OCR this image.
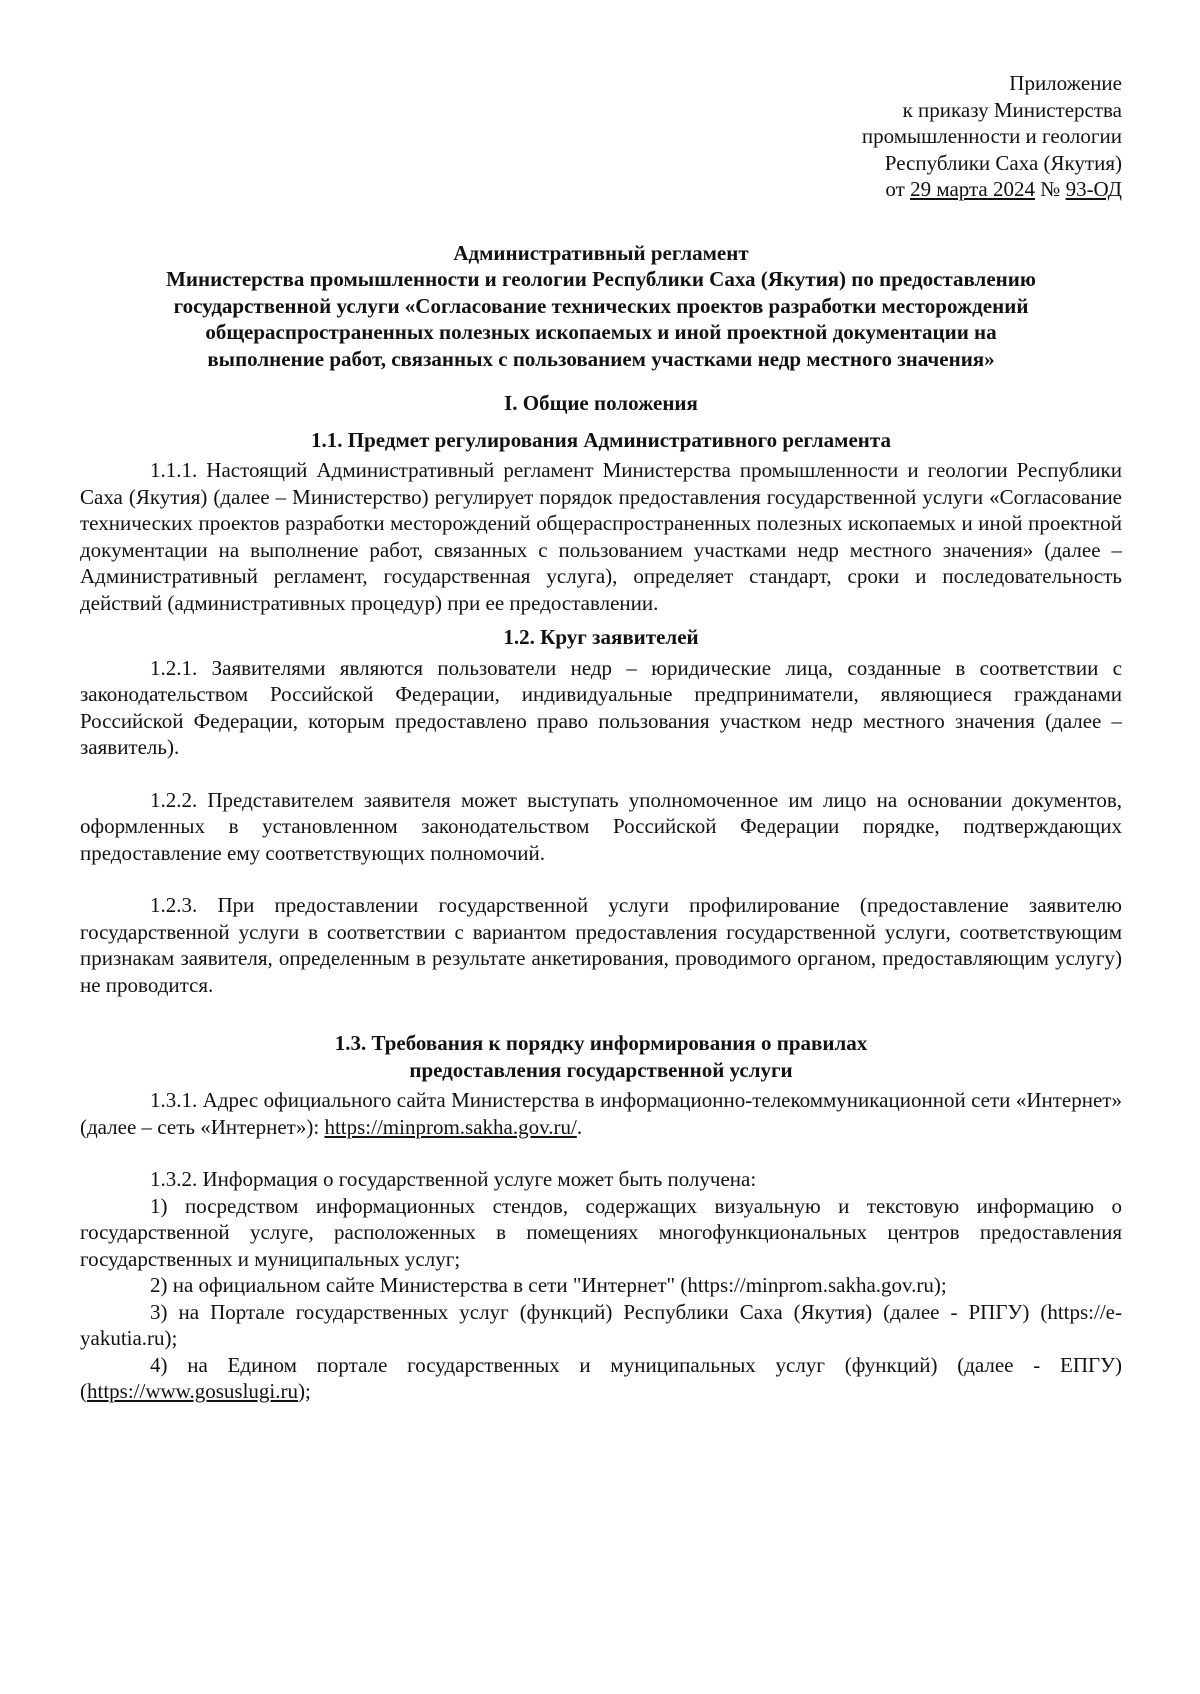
Приложение
к приказу Министерства
промышленности и геологии
Республики Саха (Якутия)
от 29 марта 2024 № 93-ОД
Административный регламент
Министерства промышленности и геологии Республики Саха (Якутия) по предоставлению
государственной услуги «Согласование технических проектов разработки месторождений
общераспространенных полезных ископаемых и иной проектной документации на
выполнение работ, связанных с пользованием участками недр местного значения»
I. Общие положения
1.1. Предмет регулирования Административного регламента

1.1.1. Настоящий Административный регламент Министерства промышленности и геологии Республики Саха (Якутия) (далее – Министерство) регулирует порядок предоставления государственной услуги «Согласование технических проектов разработки месторождений общераспространенных полезных ископаемых и иной проектной документации на выполнение работ, связанных с пользованием участками недр местного значения» (далее – Административный регламент, государственная услуга), определяет стандарт, сроки и последовательность действий (административных процедур) при ее предоставлении.

1.2. Круг заявителей

1.2.1. Заявителями являются пользователи недр – юридические лица, созданные в соответствии с законодательством Российской Федерации, индивидуальные предприниматели, являющиеся гражданами Российской Федерации, которым предоставлено право пользования участком недр местного значения (далее – заявитель).

1.2.2. Представителем заявителя может выступать уполномоченное им лицо на основании документов, оформленных в установленном законодательством Российской Федерации порядке, подтверждающих предоставление ему соответствующих полномочий.

1.2.3. При предоставлении государственной услуги профилирование (предоставление заявителю государственной услуги в соответствии с вариантом предоставления государственной услуги, соответствующим признакам заявителя, определенным в результате анкетирования, проводимого органом, предоставляющим услугу) не проводится.

1.3. Требования к порядку информирования о правилах
предоставления государственной услуги

1.3.1. Адрес официального сайта Министерства в информационно-телекоммуникационной сети «Интернет» (далее – сеть «Интернет»): https://minprom.sakha.gov.ru/.

1.3.2. Информация о государственной услуге может быть получена:

1) посредством информационных стендов, содержащих визуальную и текстовую информацию о государственной услуге, расположенных в помещениях многофункциональных центров предоставления государственных и муниципальных услуг;

2) на официальном сайте Министерства в сети "Интернет" (https://minprom.sakha.gov.ru);

3) на Портале государственных услуг (функций) Республики Саха (Якутия) (далее - РПГУ) (https://e-yakutia.ru);

4) на Едином портале государственных и муниципальных услуг (функций) (далее - ЕПГУ) (https://www.gosuslugi.ru);
